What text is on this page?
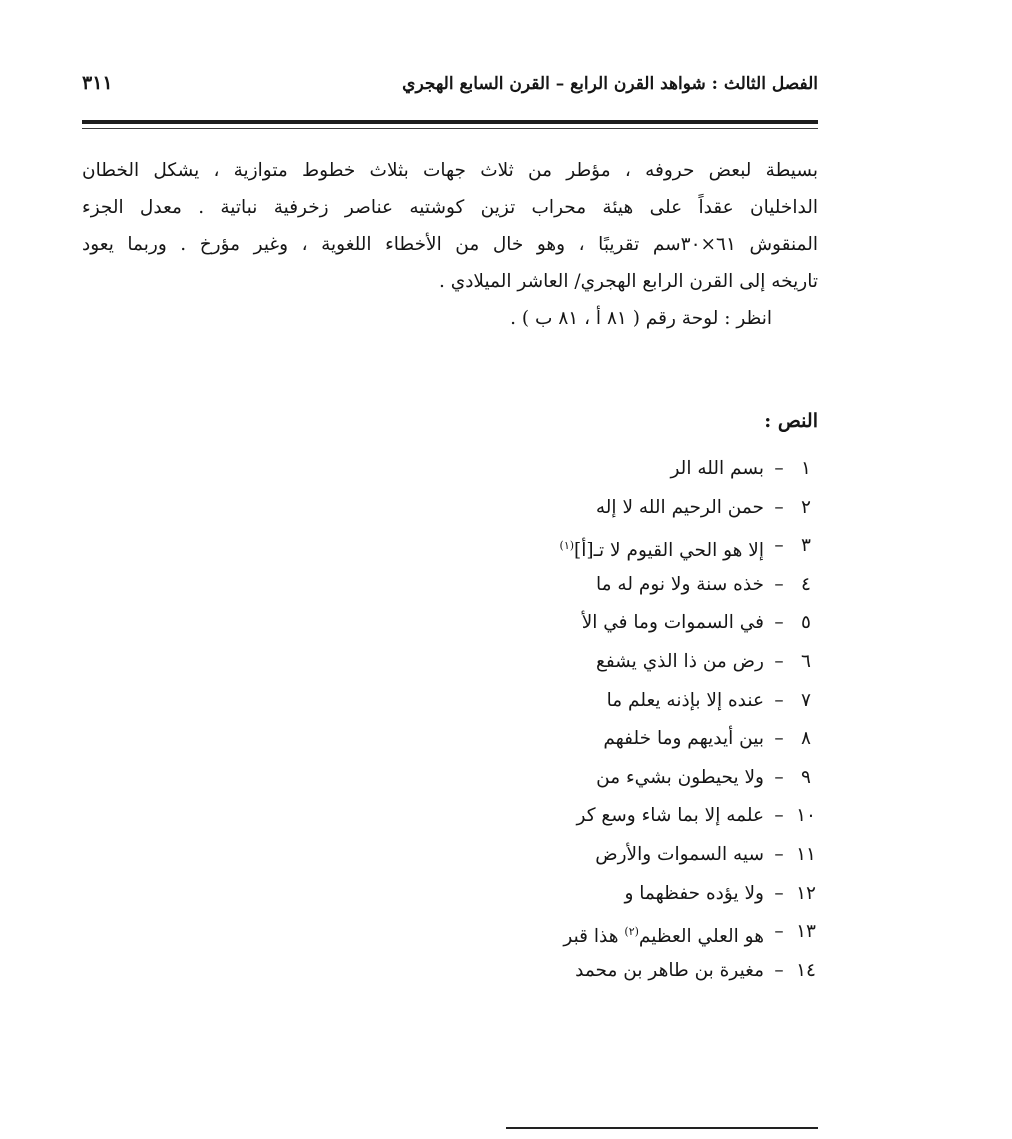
الفصل الثالث : شواهد القرن الرابع – القرن السابع الهجري
٣١١
بسيطة لبعض حروفه ، مؤطر من ثلاث جهات بثلاث خطوط متوازية ، يشكل الخطان
الداخليان عقداً على هيئة محراب تزين كوشتيه عناصر زخرفية نباتية . معدل الجزء
المنقوش ٦١×٣٠سم تقريبًا ، وهو خال من الأخطاء اللغوية ، وغير مؤرخ . وربما يعود
تاريخه إلى القرن الرابع الهجري/ العاشر الميلادي .
انظر : لوحة رقم ( ٨١ أ ، ٨١ ب ) .
النص :
١
–
بسم الله الر
٢
–
حمن الرحيم الله لا إله
٣
–
إلا هو الحي القيوم لا تـ[أ]$^{(١)}$
٤
–
خذه سنة ولا نوم له ما
٥
–
في السموات وما في الأ
٦
–
رض من ذا الذي يشفع
٧
–
عنده إلا بإذنه يعلم ما
٨
–
بين أيديهم وما خلفهم
٩
–
ولا يحيطون بشيء من
١٠
–
علمه إلا بما شاء وسع كر
١١
–
سيه السموات والأرض
١٢
–
ولا يؤده حفظهما و
١٣
–
هو العلي العظيم$^{(٢)}$ هذا قبر
١٤
–
مغيرة بن طاهر بن محمد
